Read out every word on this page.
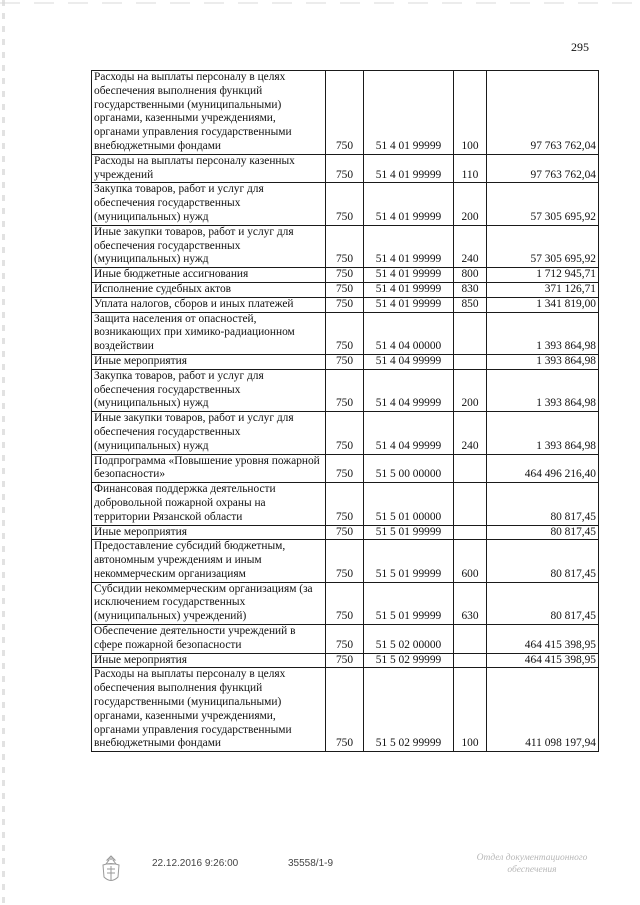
295
Расходы на выплаты персоналу в целях обеспечения выполнения функций государственными (муниципальными) органами, казенными учреждениями, органами управления государственными внебюджетными фондами	750	51 4 01 99999	100	97 763 762,04
Расходы на выплаты персоналу казенных учреждений	750	51 4 01 99999	110	97 763 762,04
Закупка товаров, работ и услуг для обеспечения государственных (муниципальных) нужд	750	51 4 01 99999	200	57 305 695,92
Иные закупки товаров, работ и услуг для обеспечения государственных (муниципальных) нужд	750	51 4 01 99999	240	57 305 695,92
Иные бюджетные ассигнования	750	51 4 01 99999	800	1 712 945,71
Исполнение судебных актов	750	51 4 01 99999	830	371 126,71
Уплата налогов, сборов и иных платежей	750	51 4 01 99999	850	1 341 819,00
Защита населения от опасностей, возникающих при химико-радиационном воздействии	750	51 4 04 00000		1 393 864,98
Иные мероприятия	750	51 4 04 99999		1 393 864,98
Закупка товаров, работ и услуг для обеспечения государственных (муниципальных) нужд	750	51 4 04 99999	200	1 393 864,98
Иные закупки товаров, работ и услуг для обеспечения государственных (муниципальных) нужд	750	51 4 04 99999	240	1 393 864,98
Подпрограмма «Повышение уровня пожарной безопасности»	750	51 5 00 00000		464 496 216,40
Финансовая поддержка деятельности добровольной пожарной охраны на территории Рязанской области	750	51 5 01 00000		80 817,45
Иные мероприятия	750	51 5 01 99999		80 817,45
Предоставление субсидий бюджетным, автономным учреждениям и иным некоммерческим организациям	750	51 5 01 99999	600	80 817,45
Субсидии некоммерческим организациям (за исключением государственных (муниципальных) учреждений)	750	51 5 01 99999	630	80 817,45
Обеспечение деятельности учреждений в сфере пожарной безопасности	750	51 5 02 00000		464 415 398,95
Иные мероприятия	750	51 5 02 99999		464 415 398,95
Расходы на выплаты персоналу в целях обеспечения выполнения функций государственными (муниципальными) органами, казенными учреждениями, органами управления государственными внебюджетными фондами	750	51 5 02 99999	100	411 098 197,94
22.12.2016 9:26:00	35558/1-9	Отдел документационного обеспечения
